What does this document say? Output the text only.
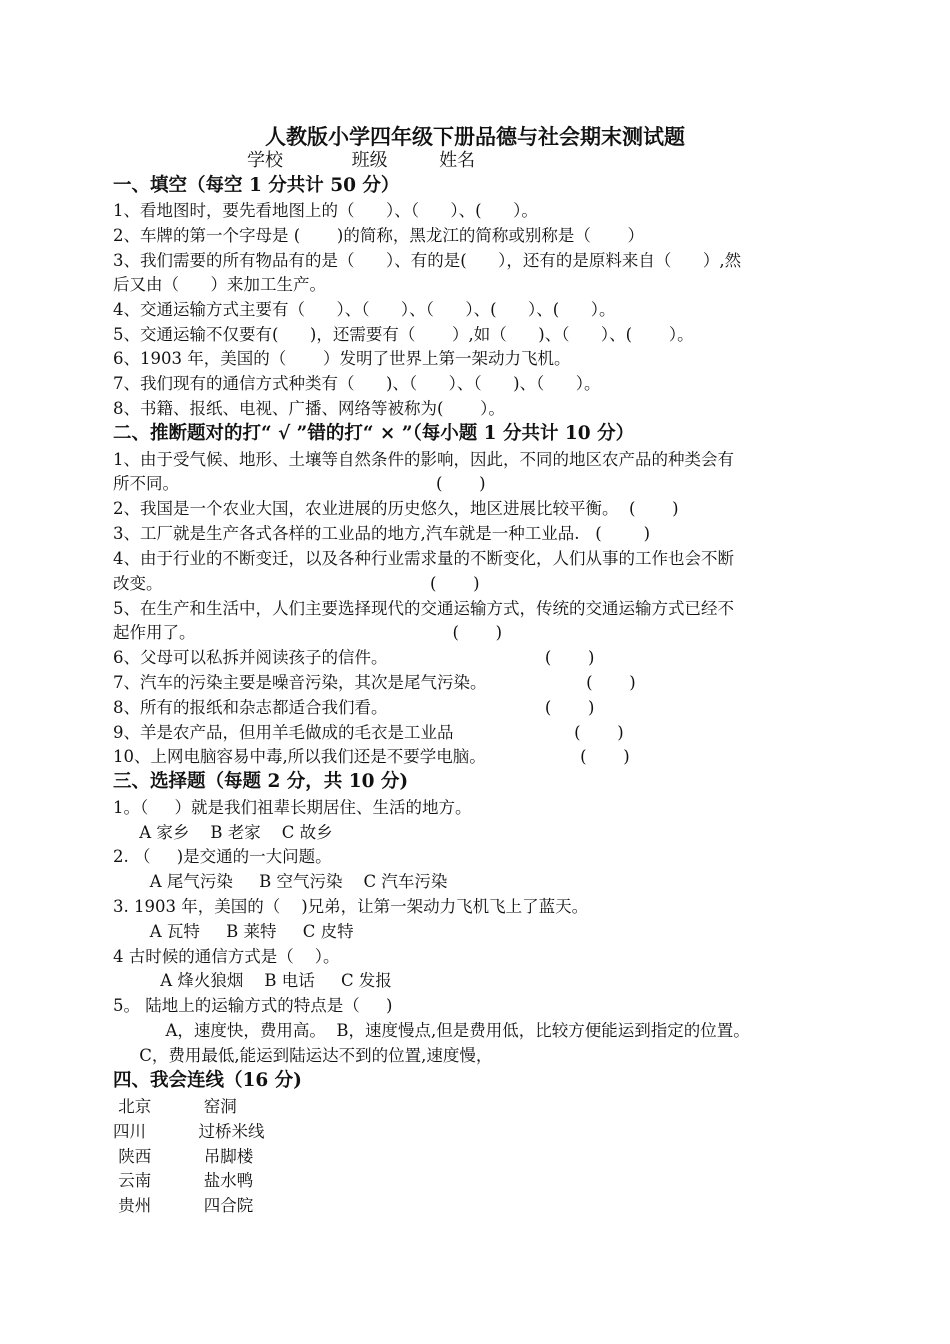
人教版小学四年级下册品德与社会期末测试题
学校            班级         姓名
一、填空（每空 1 分共计 50 分）
1、看地图时，要先看地图上的（      ）、（      ）、(      ）。
2、车牌的第一个字母是 (       )的简称，黑龙江的简称或别称是（       ）
3、我们需要的所有物品有的是（      ）、有的是(      ），还有的是原料来自（      ）,然
后又由（      ）来加工生产。
4、交通运输方式主要有（      ）、（      ）、（      ）、(      ）、(      ）。
5、交通运输不仅要有(      )，还需要有（       ）,如（      )、（      ）、(       ）。
6、1903 年，美国的（       ）发明了世界上第一架动力飞机。
7、我们现有的通信方式种类有（      )、（      ）、（      )、（      ）。
8、书籍、报纸、电视、广播、网络等被称为(       ）。
二、推断题对的打“ √ ”错的打“ × ”（每小题 1 分共计 10 分）
1、由于受气候、地形、土壤等自然条件的影响，因此，不同的地区农产品的种类会有
所不同。                                                 (       )
2、我国是一个农业大国，农业进展的历史悠久，地区进展比较平衡。  (       )
3、工厂就是生产各式各样的工业品的地方,汽车就是一种工业品.   (        )
4、由于行业的不断变迁，以及各种行业需求量的不断变化，人们从事的工作也会不断
改变。                                                   (       )
5、在生产和生活中，人们主要选择现代的交通运输方式，传统的交通运输方式已经不
起作用了。                                                 (       )
6、父母可以私拆并阅读孩子的信件。                              (       )
7、汽车的污染主要是噪音污染，其次是尾气污染。                   (       )
8、所有的报纸和杂志都适合我们看。                              (       )
9、羊是农产品，但用羊毛做成的毛衣是工业品                       (       )
10、上网电脑容易中毒,所以我们还是不要学电脑。                  (       )
三、选择题（每题 2 分，共 10 分)
1。（     ）就是我们祖辈长期居住、生活的地方。
A 家乡    B 老家    C 故乡
2. （     )是交通的一大问题。
A 尾气污染     B 空气污染    C 汽车污染
3. 1903 年，美国的（    )兄弟，让第一架动力飞机飞上了蓝天。
A 瓦特     B 莱特     C 皮特
4 古时候的通信方式是（    ）。
A 烽火狼烟    B 电话     C 发报
5。 陆地上的运输方式的特点是（     )
A，速度快，费用高。  B，速度慢点,但是费用低，比较方便能运到指定的位置。
C，费用最低,能运到陆运达不到的位置,速度慢，
四、我会连线（16 分)
北京          窑洞
四川          过桥米线
陕西          吊脚楼
云南          盐水鸭
贵州          四合院
